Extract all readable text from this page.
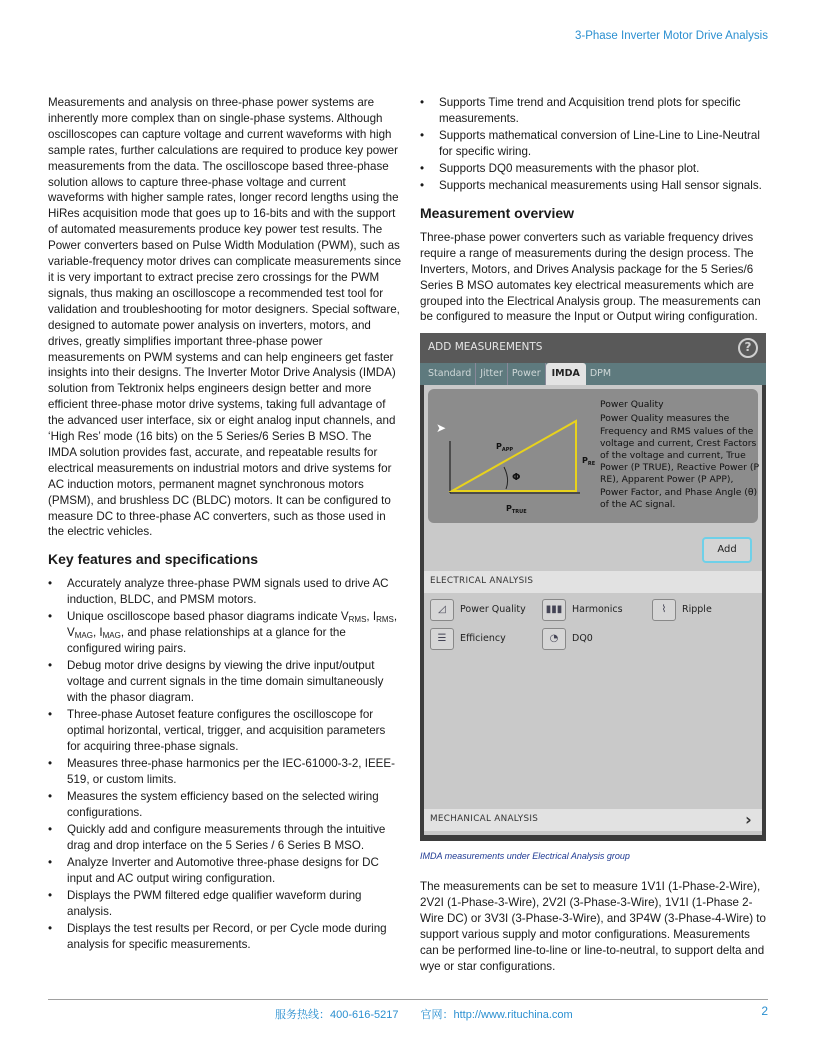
3-Phase Inverter Motor Drive Analysis

Measurements and analysis on three-phase power systems are inherently more complex than on single-phase systems. Although oscilloscopes can capture voltage and current waveforms with high sample rates, further calculations are required to produce key power measurements from the data. The oscilloscope based three-phase solution allows to capture three-phase voltage and current waveforms with higher sample rates, longer record lengths using the HiRes acquisition mode that goes up to 16-bits and with the support of automated measurements produce key power test results. The Power converters based on Pulse Width Modulation (PWM), such as variable-frequency motor drives can complicate measurements since it is very important to extract precise zero crossings for the PWM signals, thus making an oscilloscope a recommended test tool for validation and troubleshooting for motor designers. Special software, designed to automate power analysis on inverters, motors, and drives, greatly simplifies important three-phase power measurements on PWM systems and can help engineers get faster insights into their designs. The Inverter Motor Drive Analysis (IMDA) solution from Tektronix helps engineers design better and more efficient three-phase motor drive systems, taking full advantage of the advanced user interface, six or eight analog input channels, and ‘High Res’ mode (16 bits) on the 5 Series/6 Series B MSO. The IMDA solution provides fast, accurate, and repeatable results for electrical measurements on industrial motors and drive systems for AC induction motors, permanent magnet synchronous motors (PMSM), and brushless DC (BLDC) motors. It can be configured to measure DC to three-phase AC converters, such as those used in the electric vehicles.

Key features and specifications
• Accurately analyze three-phase PWM signals used to drive AC induction, BLDC, and PMSM motors.
• Unique oscilloscope based phasor diagrams indicate $V_{RMS}$, $I_{RMS}$, $V_{MAG}$, $I_{MAG}$, and phase relationships at a glance for the configured wiring pairs.
• Debug motor drive designs by viewing the drive input/output voltage and current signals in the time domain simultaneously with the phasor diagram.
• Three-phase Autoset feature configures the oscilloscope for optimal horizontal, vertical, trigger, and acquisition parameters for acquiring three-phase signals.
• Measures three-phase harmonics per the IEC-61000-3-2, IEEE-519, or custom limits.
• Measures the system efficiency based on the selected wiring configurations.
• Quickly add and configure measurements through the intuitive drag and drop interface on the 5 Series / 6 Series B MSO.
• Analyze Inverter and Automotive three-phase designs for DC input and AC output wiring configuration.
• Displays the PWM filtered edge qualifier waveform during analysis.
• Displays the test results per Record, or per Cycle mode during analysis for specific measurements.
• Supports Time trend and Acquisition trend plots for specific measurements.
• Supports mathematical conversion of Line-Line to Line-Neutral for specific wiring.
• Supports DQ0 measurements with the phasor plot.
• Supports mechanical measurements using Hall sensor signals.
Measurement overview

Three-phase power converters such as variable frequency drives require a range of measurements during the design process. The Inverters, Motors, and Drives Analysis package for the 5 Series/6 Series B MSO automates key electrical measurements which are grouped into the Electrical Analysis group. The measurements can be configured to measure the Input or Output wiring configuration.

ADD MEASUREMENTS	?
Standard Jitter Power	IMDA	DPM
➤
$P_{APP}$
$P_{RE}$
$P_{TRUE}$
Φ
Power Quality
Power Quality measures the Frequency and RMS values of the voltage and current, Crest Factors of the voltage and current, True Power (P TRUE), Reactive Power (P RE), Apparent Power (P APP), Power Factor, and Phase Angle (θ) of the AC signal.
Add
ELECTRICAL ANALYSIS
◿	Power Quality	▮▮▮	Harmonics	⌇	Ripple
☰	Efficiency	◔	DQ0
MECHANICAL ANALYSIS	›
IMDA measurements under Electrical Analysis group

The measurements can be set to measure 1V1I (1-Phase-2-Wire), 2V2I (1-Phase-3-Wire), 2V2I (3-Phase-3-Wire), 1V1I (1-Phase 2-Wire DC) or 3V3I (3-Phase-3-Wire), and 3P4W (3-Phase-4-Wire) to support various supply and motor configurations. Measurements can be performed line-to-line or line-to-neutral, to support delta and wye or star configurations.

服务热线：400-616-5217　　官网：http://www.rituchina.com	2
